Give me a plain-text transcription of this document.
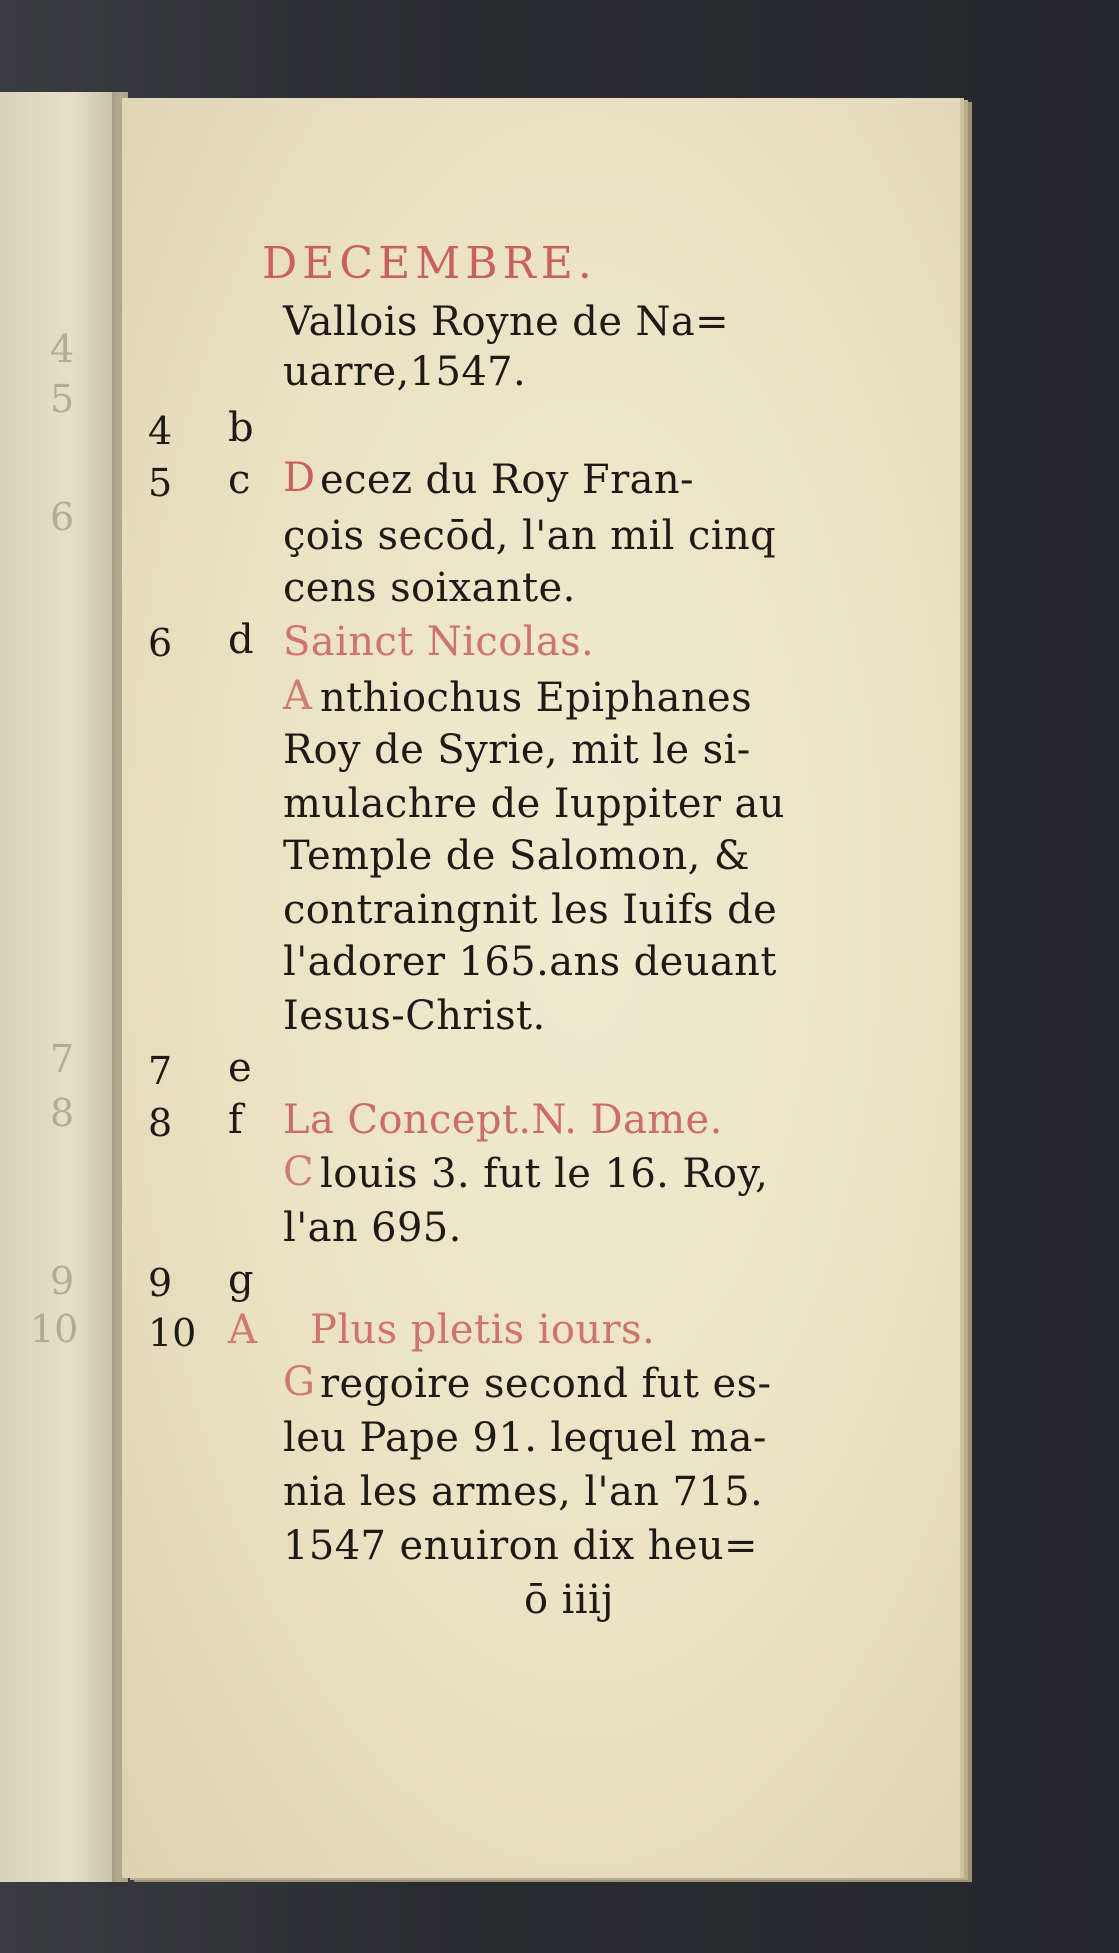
4
5
6
7
8
9
10
DECEMBRE.
Vallois Royne de Na=
uarre,1547.
4 b
5 c D ecez du Roy Fran-
çois secōd, l'an mil cinq
cens soixante.
6 d Sainct Nicolas.
A nthiochus Epiphanes
Roy de Syrie, mit le si-
mulachre de Iuppiter au
Temple de Salomon, &
contraingnit les Iuifs de
l'adorer 165.ans deuant
Iesus-Christ.
7 e
8 f La Concept.N. Dame.
C louis 3. fut le 16. Roy,
l'an 695.
9 g
10 A Plus pletis iours.
G regoire second fut es-
leu Pape 91. lequel ma-
nia les armes, l'an 715.
1547 enuiron dix heu=
ō iiij
